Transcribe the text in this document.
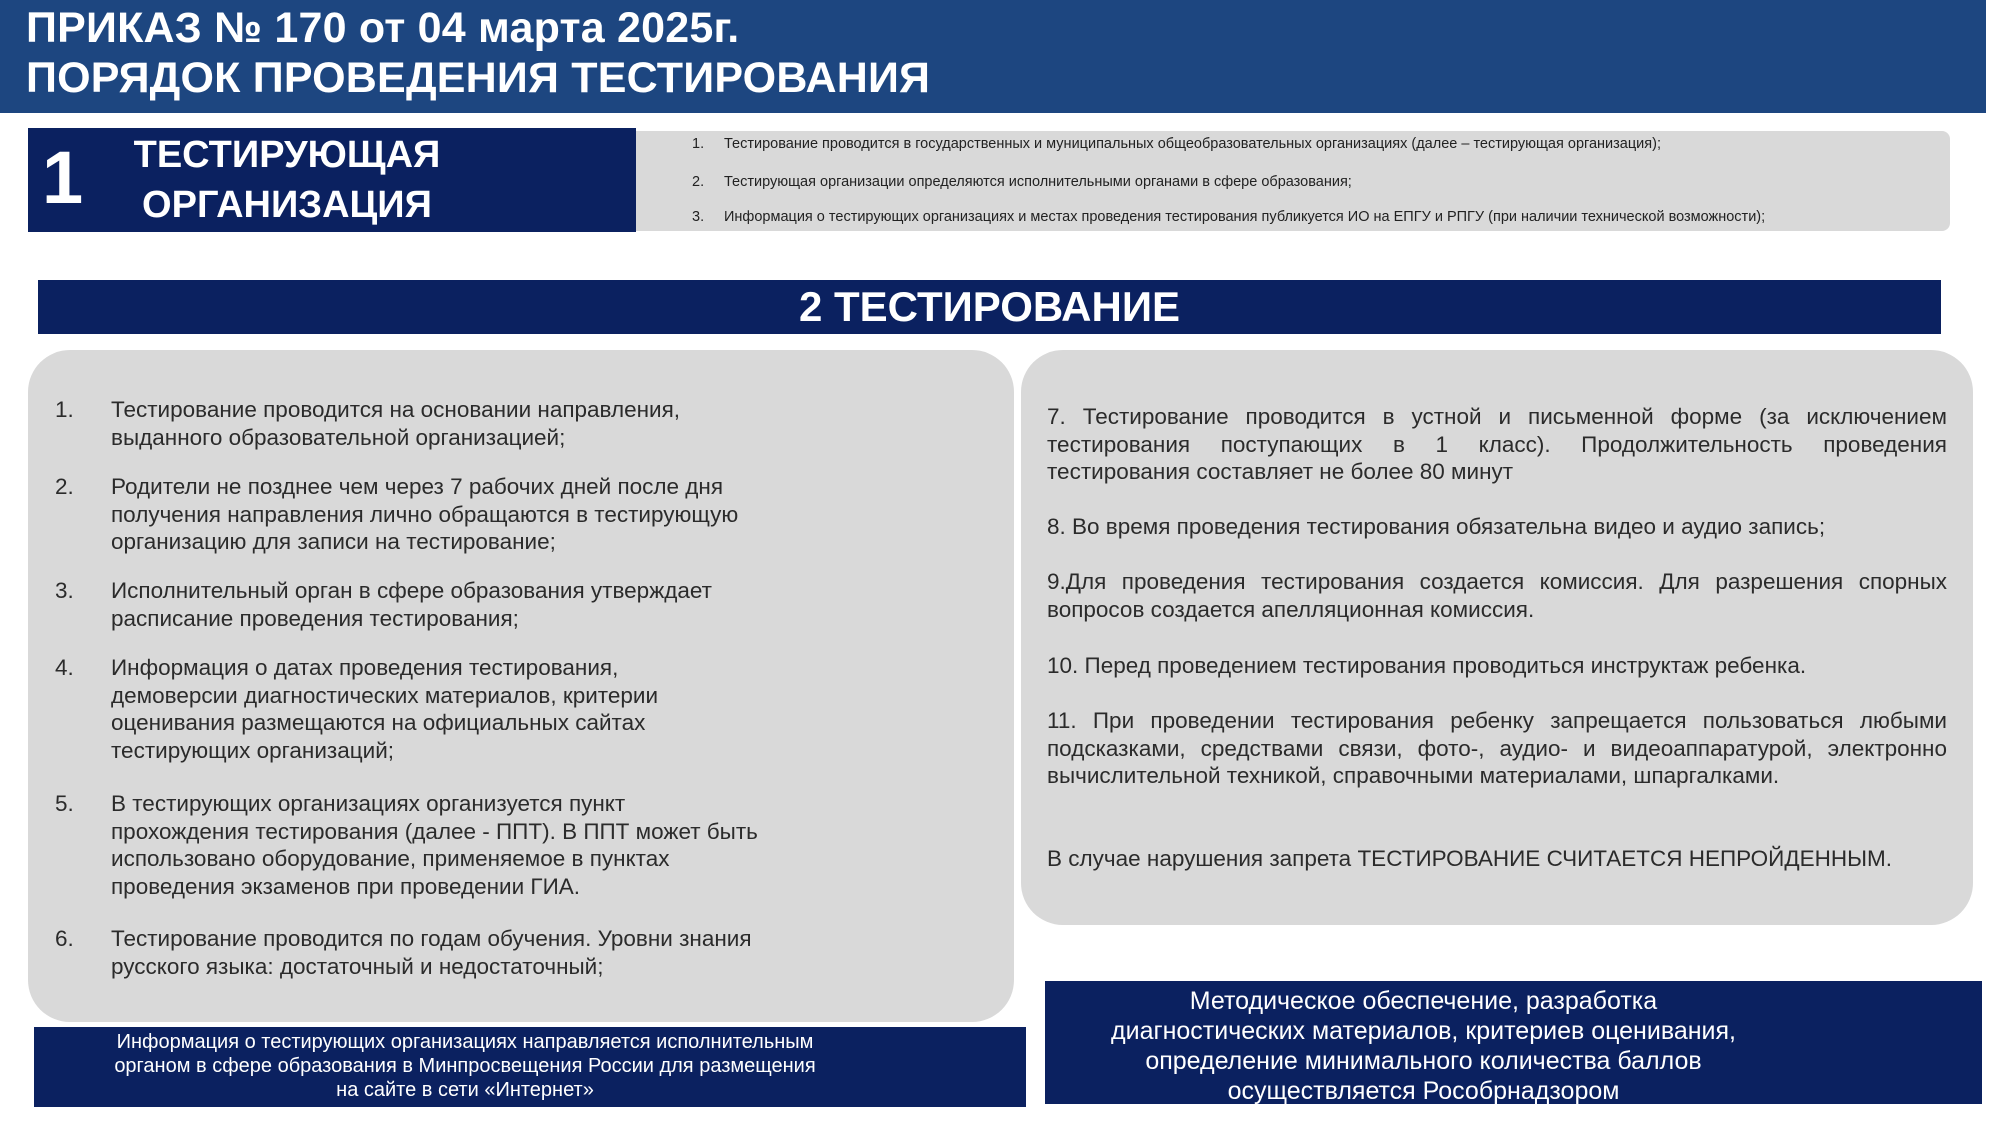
ПРИКАЗ № 170 от 04 марта 2025г.
ПОРЯДОК ПРОВЕДЕНИЯ ТЕСТИРОВАНИЯ
1	ТЕСТИРУЮЩАЯ ОРГАНИЗАЦИЯ
1. Тестирование проводится в государственных и муниципальных общеобразовательных организациях (далее – тестирующая организация);
2. Тестирующая организации определяются исполнительными органами в сфере образования;
3. Информация о тестирующих организациях и местах проведения тестирования публикуется ИО на ЕПГУ и РПГУ (при наличии технической возможности);
2 ТЕСТИРОВАНИЕ
1. Тестирование проводится на основании направления,
выданного образовательной организацией;
2. Родители не позднее чем через 7 рабочих дней после дня
получения направления лично обращаются в тестирующую
организацию для записи на тестирование;
3. Исполнительный орган в сфере образования утверждает
расписание проведения тестирования;
4. Информация о датах проведения тестирования,
демоверсии диагностических материалов, критерии
оценивания размещаются на официальных сайтах
тестирующих организаций;
5. В тестирующих организациях организуется пункт
прохождения тестирования (далее - ППТ). В ППТ может быть
использовано оборудование, применяемое в пунктах
проведения экзаменов при проведении ГИА.
6. Тестирование проводится по годам обучения. Уровни знания
русского языка: достаточный и недостаточный;

7. Тестирование проводится в устной и письменной форме (за исключением тестирования поступающих в 1 класс). Продолжительность проведения тестирования составляет не более 80 минут

8. Во время проведения тестирования обязательна видео и аудио запись;

9.Для проведения тестирования создается комиссия. Для разрешения спорных вопросов создается апелляционная комиссия.

10. Перед проведением тестирования проводиться инструктаж ребенка.

11. При проведении тестирования ребенку запрещается пользоваться любыми подсказками, средствами связи, фото-, аудио- и видеоаппаратурой, электронно вычислительной техникой, справочными материалами, шпаргалками.

В случае нарушения запрета ТЕСТИРОВАНИЕ СЧИТАЕТСЯ НЕПРОЙДЕННЫМ.

Информация о тестирующих организациях направляется исполнительным
органом в сфере образования в Минпросвещения России для размещения
на сайте в сети «Интернет»
Методическое обеспечение, разработка
диагностических материалов, критериев оценивания,
определение минимального количества баллов
осуществляется Рособрнадзором
